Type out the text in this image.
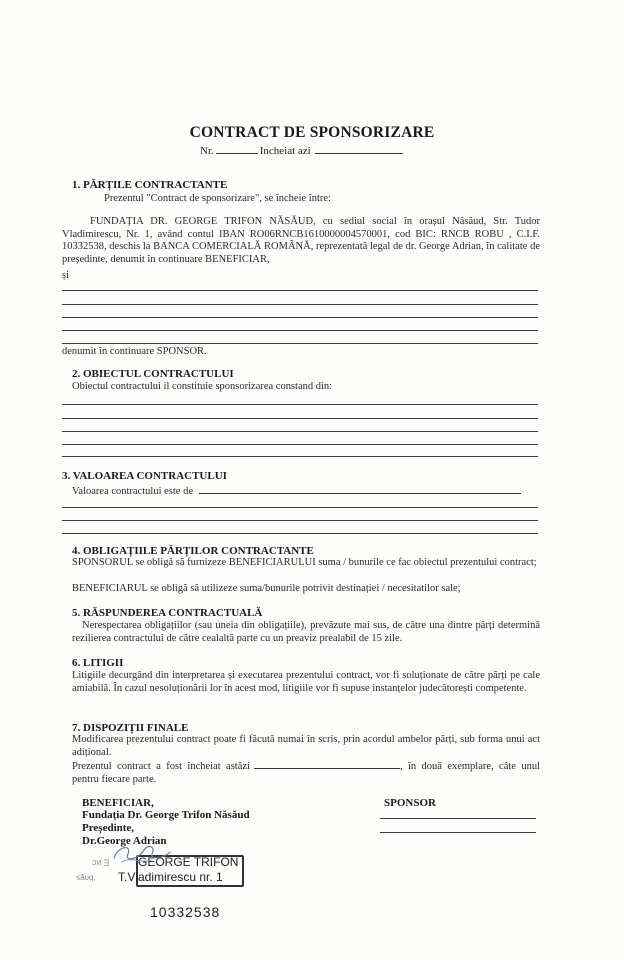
CONTRACT DE SPONSORIZARE
Nr.	Incheiat azi
1. PĂRȚILE CONTRACTANTE
Prezentul "Contract de sponsorizare", se încheie între:
FUNDAȚIA DR. GEORGE TRIFON NĂSĂUD, cu sediul social în orașul Năsăud, Str. Tudor Vladimirescu, Nr. 1, având contul IBAN RO06RNCB1610000004570001, cod BIC: RNCB ROBU , C.I.F. 10332538, deschis la BANCA COMERCIALĂ ROMÂNĂ, reprezentată legal de dr. George Adrian, în calitate de președinte, denumit în continuare BENEFICIAR,
și
denumit în continuare SPONSOR.
2. OBIECTUL CONTRACTULUI
Obiectul contractului il constituie sponsorizarea constand din:
3. VALOAREA CONTRACTULUI
Valoarea contractului este de
4. OBLIGAȚIILE PĂRȚILOR CONTRACTANTE
SPONSORUL se obligă să furnizeze BENEFICIARULUI suma / bunurile ce fac obiectul prezentului contract;
BENEFICIARUL se obligă să utilizeze suma/bunurile potrivit destinației / necesitatilor sale;
5. RĂSPUNDEREA CONTRACTUALĂ
Nerespectarea obligațiilor (sau uneia din obligațiile), prevăzute mai sus, de către una dintre părți determină rezilierea contractului de către cealaltă parte cu un preaviz prealabil de 15 zile.
6. LITIGII
Litigiile decurgând din interpretarea și executarea prezentului contract, vor fi soluționate de către părți pe cale amiabilă. În cazul nesoluționării lor în acest mod, litigiile vor fi supuse instanțelor judecătorești competente.
7. DISPOZIȚII FINALE
Modificarea prezentului contract poate fi făcută numai în scris, prin acordul ambelor părți, sub forma unui act adițional.
Prezentul contract a fost încheiat astăzi	, în două exemplare, câte unul pentru fiecare parte.
BENEFICIAR,
Fundația Dr. George Trifon Năsăud
Președinte,
Dr.George Adrian
SPONSOR
ↄᴎ ᴟ GEORGE TRIFON
ꜱăᴜq, T.Vladimirescu nr. 1
10332538
